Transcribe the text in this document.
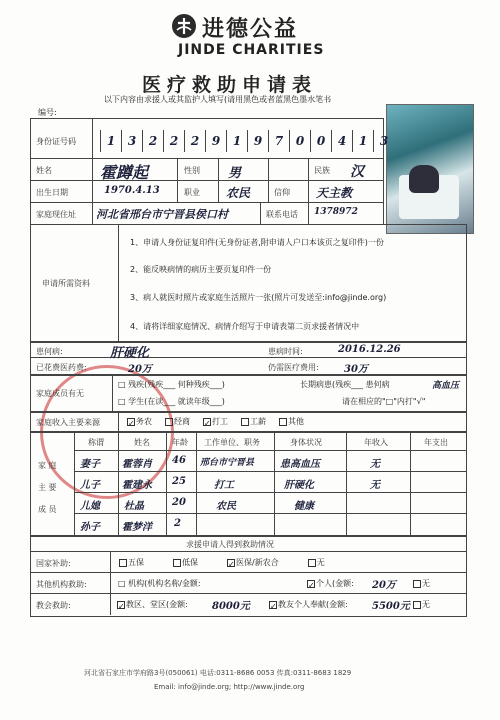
进德公益
JINDE CHARITIES
医疗救助申请表
以下内容由求援人或其监护人填写(请用黑色或者蓝黑色墨水笔书
编号:
身份证号码	1	3	2	2	2	9	1	9	7	0	0	4	1	3
姓名	霍蹲起	性别 男	民族 汉
出生日期	1970.4.13	职业 农民	信仰 天主教
家庭现住址 河北省邢台市宁晋县侯口村	联系电话 1378972
申请所需资料
1、申请人身份证复印件(无身份证者,附申请人户口本该页之复印件)一份
2、能反映病情的病历主要页复印件一份
3、病人就医时照片或家庭生活照片一张(照片可发送至:info@jinde.org)
4、请将详细家庭情况、病情介绍写于申请表第二页求援者情况中
患何病:	肝硬化	患病时间:	2016.12.26
已花费医药费:	20万	仍需医疗费用:	30万
家庭成员有无
□ 残疾(残疾___ 何种残疾___)	长期病患(残疾___ 患何病	高血压
□ 学生(在读___ 就读年级___)	请在相应的"□"内打"√"
家庭收入主要来源	✓务农	经商 ✓打工	工薪	其他
家 庭
主 要
成 员
称谓	姓名	年龄 工作单位、职务	身体状况	年收入	年支出
妻子 霍蓉肖 46 邢台市宁晋县	患高血压	无
儿子 霍建永 25	打工	肝硬化	无
儿媳 杜晶	20	农民	健康
孙子 霍梦洋 2
求援申请人得到救助情况
国家补助:	五保	低保	✓医保/新农合	无
其他机构救助:	□ 机构(机构名称/金额:	✓个人(金额: 20万	无
教会救助:	✓教区、堂区(金额: 8000元	✓教友个人奉献(金额: 5500元	无
河北省石家庄市学府路3号(050061) 电话:0311-8686 0053 传真:0311-8683 1829
Email: info@jinde.org; http://www.jinde.org
